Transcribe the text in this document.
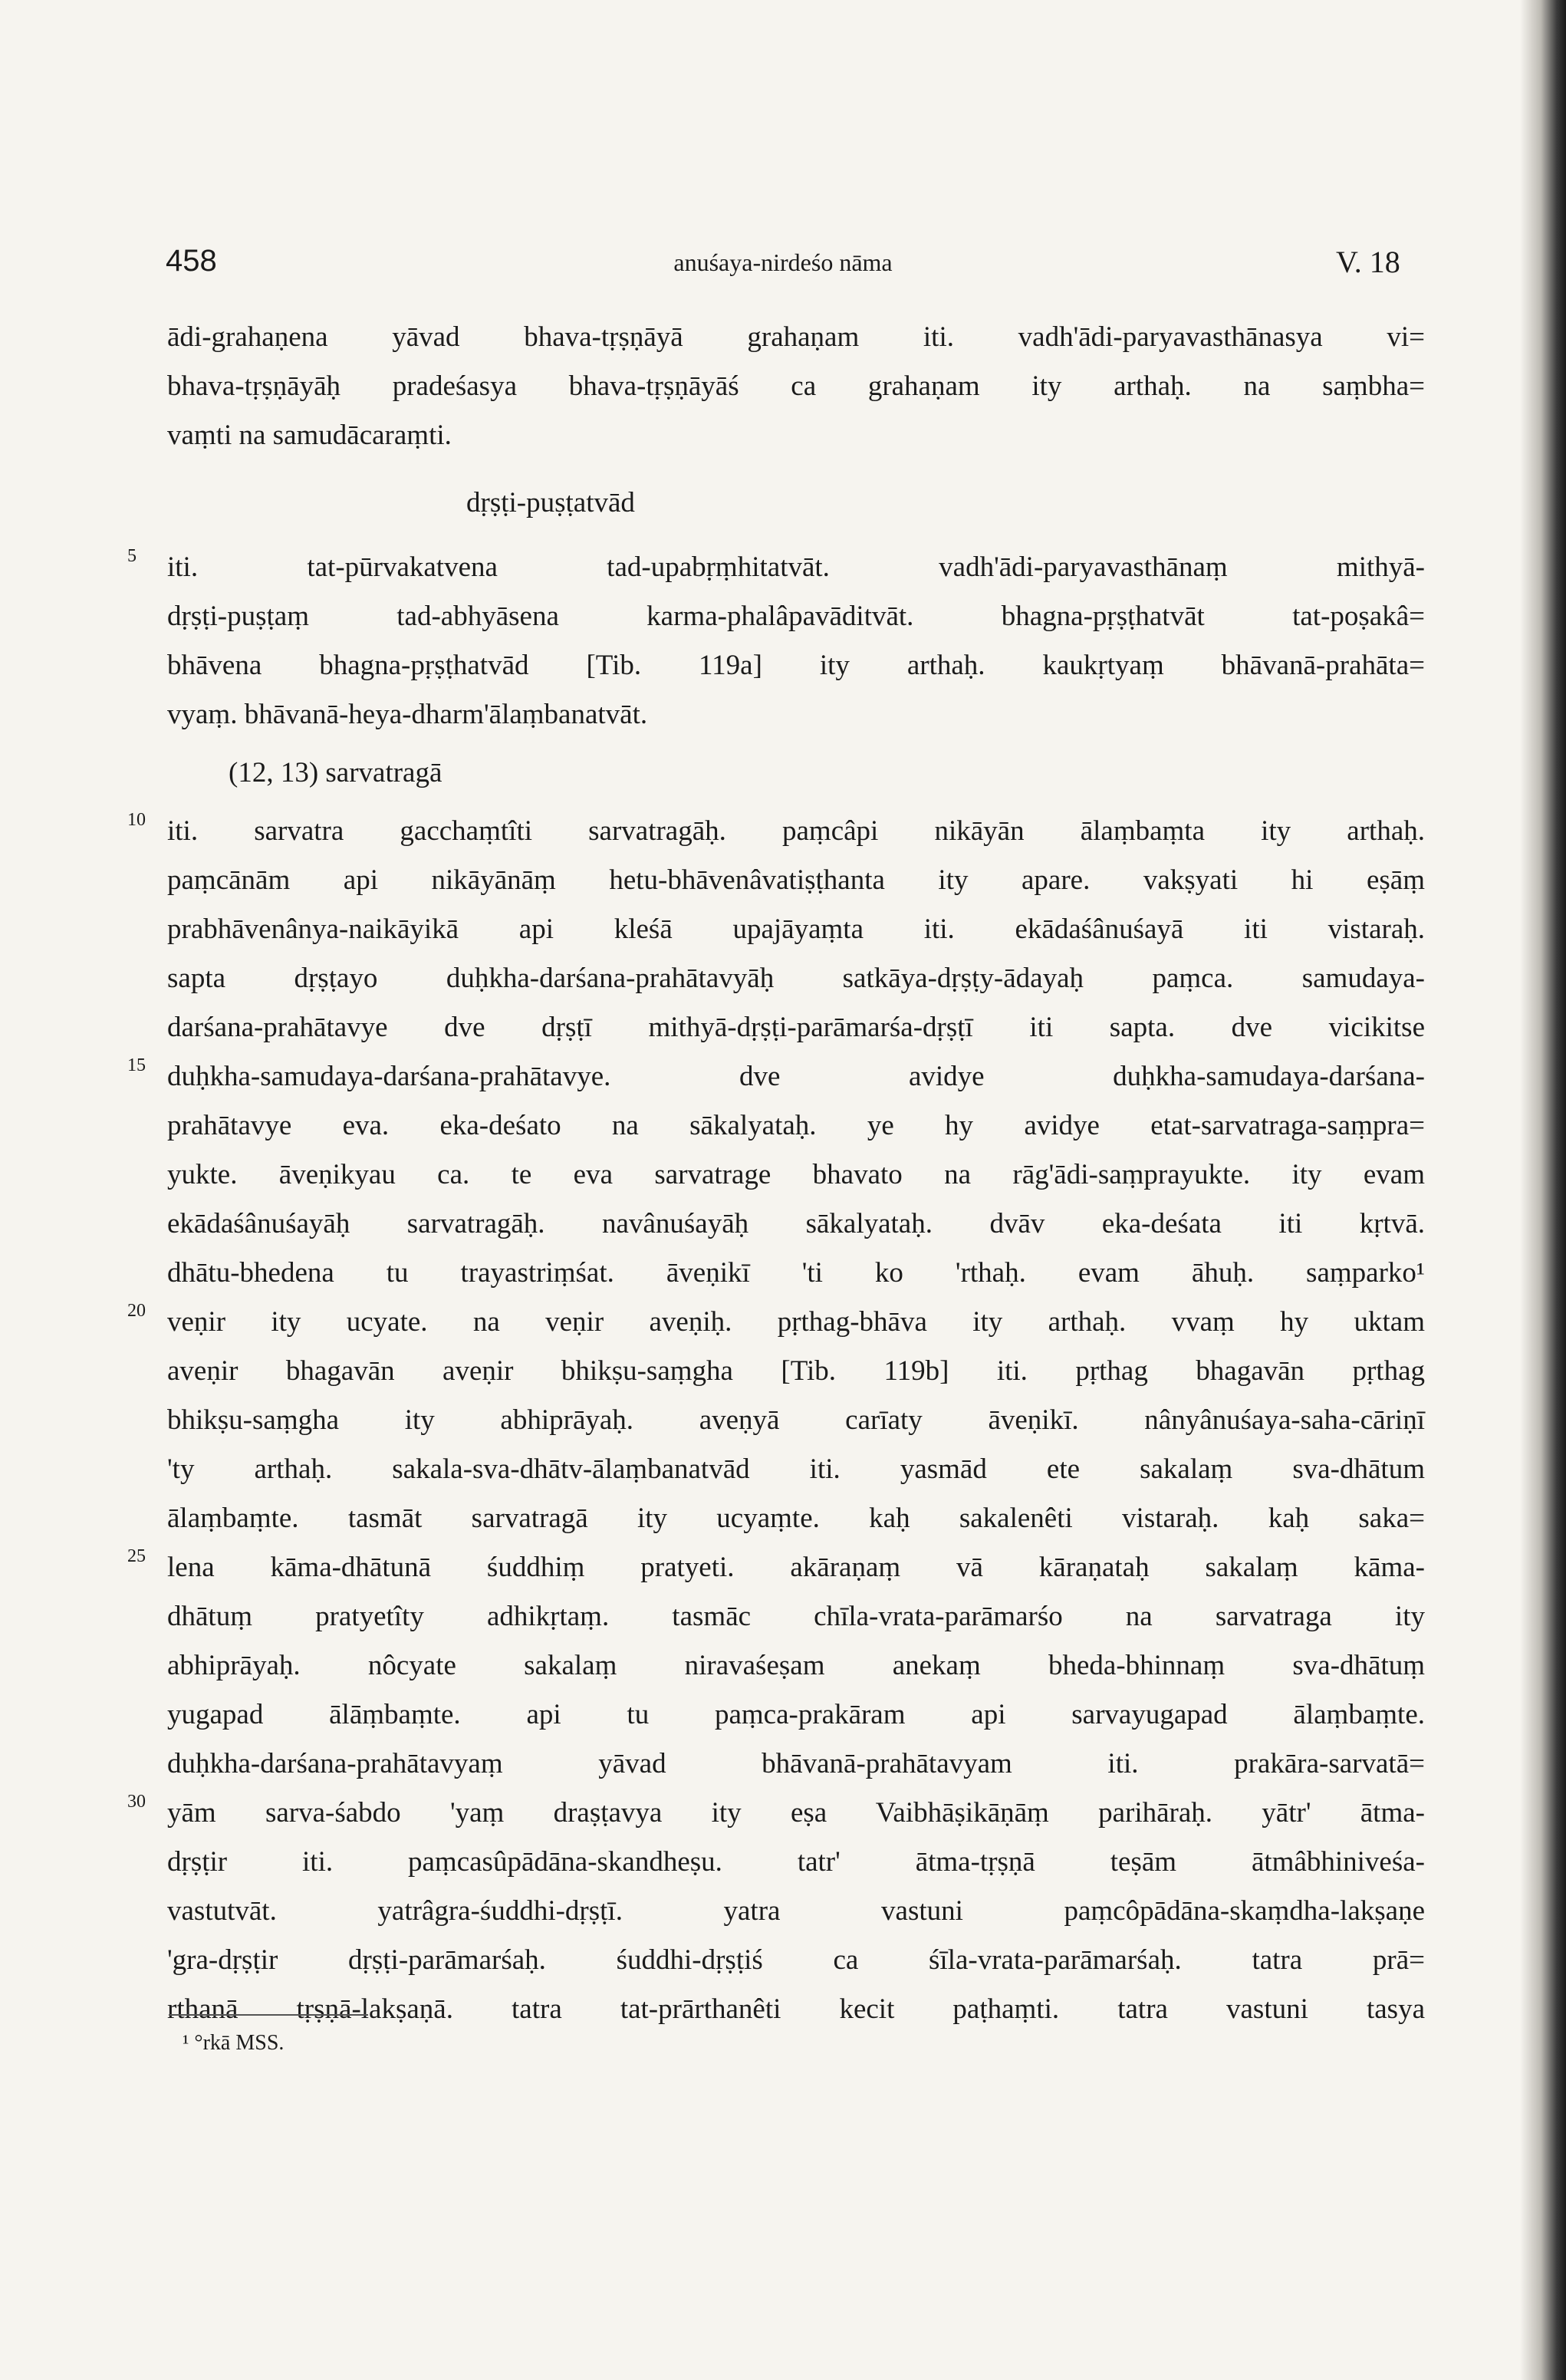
458	anuśaya-nirdeśo nāma	V. 18
ādi-grahaṇena yāvad bhava-tṛṣṇāyā grahaṇam iti. vadh'ādi-paryavasthānasya vi=
bhava-tṛṣṇāyāḥ pradeśasya bhava-tṛṣṇāyāś ca grahaṇam ity arthaḥ. na saṃbha=
vaṃti na samudācaraṃti.
dṛṣṭi-puṣṭatvād
iti. tat-pūrvakatvena tad-upabṛṃhitatvāt. vadh'ādi-paryavasthānaṃ mithyā-
dṛṣṭi-puṣṭaṃ tad-abhyāsena karma-phalâpavāditvāt. bhagna-pṛṣṭhatvāt tat-poṣakâ=
bhāvena bhagna-pṛṣṭhatvād [Tib. 119a] ity arthaḥ. kaukṛtyaṃ bhāvanā-prahāta=
vyaṃ. bhāvanā-heya-dharm'ālaṃbanatvāt.
(12, 13) sarvatragā
iti. sarvatra gacchaṃtîti sarvatragāḥ. paṃcâpi nikāyān ālaṃbaṃta ity arthaḥ.
paṃcānām api nikāyānāṃ hetu-bhāvenâvatiṣṭhanta ity apare. vakṣyati hi eṣāṃ
prabhāvenânya-naikāyikā api kleśā upajāyaṃta iti. ekādaśânuśayā iti vistaraḥ.
sapta dṛṣṭayo duḥkha-darśana-prahātavyāḥ satkāya-dṛṣṭy-ādayaḥ paṃca. samudaya-
darśana-prahātavye dve dṛṣṭī mithyā-dṛṣṭi-parāmarśa-dṛṣṭī iti sapta. dve vicikitse
duḥkha-samudaya-darśana-prahātavye. dve avidye duḥkha-samudaya-darśana-
prahātavye eva. eka-deśato na sākalyataḥ. ye hy avidye etat-sarvatraga-saṃpra=
yukte. āveṇikyau ca. te eva sarvatrage bhavato na rāg'ādi-saṃprayukte. ity evam
ekādaśânuśayāḥ sarvatragāḥ. navânuśayāḥ sākalyataḥ. dvāv eka-deśata iti kṛtvā.
dhātu-bhedena tu trayastriṃśat. āveṇikī 'ti ko 'rthaḥ. evam āhuḥ. saṃparko¹
veṇir ity ucyate. na veṇir aveṇiḥ. pṛthag-bhāva ity arthaḥ. vvaṃ hy uktam
aveṇir bhagavān aveṇir bhikṣu-saṃgha [Tib. 119b] iti. pṛthag bhagavān pṛthag
bhikṣu-saṃgha ity abhiprāyaḥ. aveṇyā carīaty āveṇikī. nânyânuśaya-saha-cāriṇī
'ty arthaḥ. sakala-sva-dhātv-ālaṃbanatvād iti. yasmād ete sakalaṃ sva-dhātum
ālaṃbaṃte. tasmāt sarvatragā ity ucyaṃte. kaḥ sakalenêti vistaraḥ. kaḥ saka=
lena kāma-dhātunā śuddhiṃ pratyeti. akāraṇaṃ vā kāraṇataḥ sakalaṃ kāma-
dhātuṃ pratyetîty adhikṛtaṃ. tasmāc chīla-vrata-parāmarśo na sarvatraga ity
abhiprāyaḥ. nôcyate sakalaṃ niravaśeṣam anekaṃ bheda-bhinnaṃ sva-dhātuṃ
yugapad ālāṃbaṃte. api tu paṃca-prakāram api sarvayugapad ālaṃbaṃte.
duḥkha-darśana-prahātavyaṃ yāvad bhāvanā-prahātavyam iti. prakāra-sarvatā=
yām sarva-śabdo 'yaṃ draṣṭavya ity eṣa Vaibhāṣikāṇāṃ parihāraḥ. yātr' ātma-
dṛṣṭir iti. paṃcasûpādāna-skandheṣu. tatr' ātma-tṛṣṇā teṣām ātmâbhiniveśa-
vastutvāt. yatrâgra-śuddhi-dṛṣṭī. yatra vastuni paṃcôpādāna-skaṃdha-lakṣaṇe
'gra-dṛṣṭir dṛṣṭi-parāmarśaḥ. śuddhi-dṛṣṭiś ca śīla-vrata-parāmarśaḥ. tatra prā=
rthanā tṛṣṇā-lakṣaṇā. tatra tat-prārthanêti kecit paṭhaṃti. tatra vastuni tasya
5
10
15
20
25
30
¹ °rkā MSS.
